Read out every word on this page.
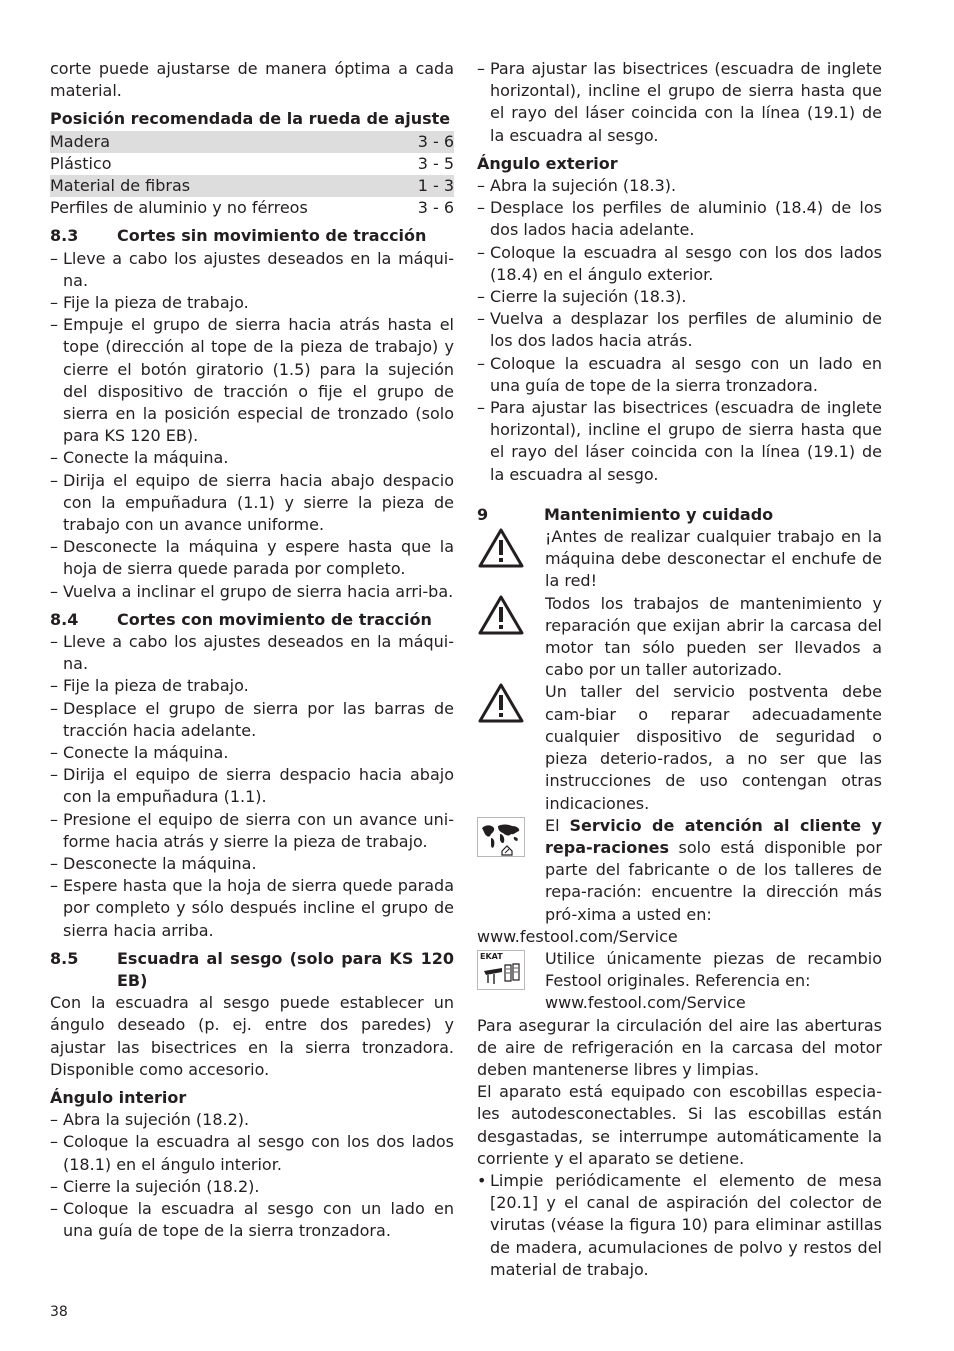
corte puede ajustarse de manera óptima a cada material.

Posición recomendada de la rueda de ajuste

Madera	3 - 6
Plástico	3 - 5
Material de fibras	1 - 3
Perfiles de aluminio y no férreos	3 - 6
8.3	Cortes sin movimiento de tracción
– Lleve a cabo los ajustes deseados en la máqui-na.
– Fije la pieza de trabajo.
– Empuje el grupo de sierra hacia atrás hasta el tope (dirección al tope de la pieza de trabajo) y cierre el botón giratorio (1.5) para la sujeción del dispositivo de tracción o fije el grupo de sierra en la posición especial de tronzado (solo para KS 120 EB).
– Conecte la máquina.
– Dirija el equipo de sierra hacia abajo despacio con la empuñadura (1.1) y sierre la pieza de trabajo con un avance uniforme.
– Desconecte la máquina y espere hasta que la hoja de sierra quede parada por completo.
– Vuelva a inclinar el grupo de sierra hacia arri-ba.
8.4	Cortes con movimiento de tracción
– Lleve a cabo los ajustes deseados en la máqui-na.
– Fije la pieza de trabajo.
– Desplace el grupo de sierra por las barras de tracción hacia adelante.
– Conecte la máquina.
– Dirija el equipo de sierra despacio hacia abajo con la empuñadura (1.1).
– Presione el equipo de sierra con un avance uni-forme hacia atrás y sierre la pieza de trabajo.
– Desconecte la máquina.
– Espere hasta que la hoja de sierra quede parada por completo y sólo después incline el grupo de sierra hacia arriba.
8.5	Escuadra al sesgo (solo para KS 120 EB)

Con la escuadra al sesgo puede establecer un ángulo deseado (p. ej. entre dos paredes) y ajustar las bisectrices en la sierra tronzadora. Disponible como accesorio.

Ángulo interior

– Abra la sujeción (18.2).
– Coloque la escuadra al sesgo con los dos lados (18.1) en el ángulo interior.
– Cierre la sujeción (18.2).
– Coloque la escuadra al sesgo con un lado en una guía de tope de la sierra tronzadora.
– Para ajustar las bisectrices (escuadra de inglete horizontal), incline el grupo de sierra hasta que el rayo del láser coincida con la línea (19.1) de la escuadra al sesgo.

Ángulo exterior

– Abra la sujeción (18.3).
– Desplace los perfiles de aluminio (18.4) de los dos lados hacia adelante.
– Coloque la escuadra al sesgo con los dos lados (18.4) en el ángulo exterior.
– Cierre la sujeción (18.3).
– Vuelva a desplazar los perfiles de aluminio de los dos lados hacia atrás.
– Coloque la escuadra al sesgo con un lado en una guía de tope de la sierra tronzadora.
– Para ajustar las bisectrices (escuadra de inglete horizontal), incline el grupo de sierra hasta que el rayo del láser coincida con la línea (19.1) de la escuadra al sesgo.
9	Mantenimiento y cuidado

¡Antes de realizar cualquier trabajo en la máquina debe desconectar el enchufe de la red!

Todos los trabajos de mantenimiento y reparación que exijan abrir la carcasa del motor tan sólo pueden ser llevados a cabo por un taller autorizado.

Un taller del servicio postventa debe cam-biar o reparar adecuadamente cualquier dispositivo de seguridad o pieza deterio-rados, a no ser que las instrucciones de uso contengan otras indicaciones.

El Servicio de atención al cliente y repa-raciones solo está disponible por parte del fabricante o de los talleres de repa-ración: encuentre la dirección más pró-xima a usted en:

www.festool.com/Service

EKAT	Utilice únicamente piezas de recambio Festool originales. Referencia en:

www.festool.com/Service

Para asegurar la circulación del aire las aberturas de aire de refrigeración en la carcasa del motor deben mantenerse libres y limpias.

El aparato está equipado con escobillas especia-les autodesconectables. Si las escobillas están desgastadas, se interrumpe automáticamente la corriente y el aparato se detiene.

• Limpie periódicamente el elemento de mesa [20.1] y el canal de aspiración del colector de virutas (véase la figura 10) para eliminar astillas de madera, acumulaciones de polvo y restos del material de trabajo.
38
